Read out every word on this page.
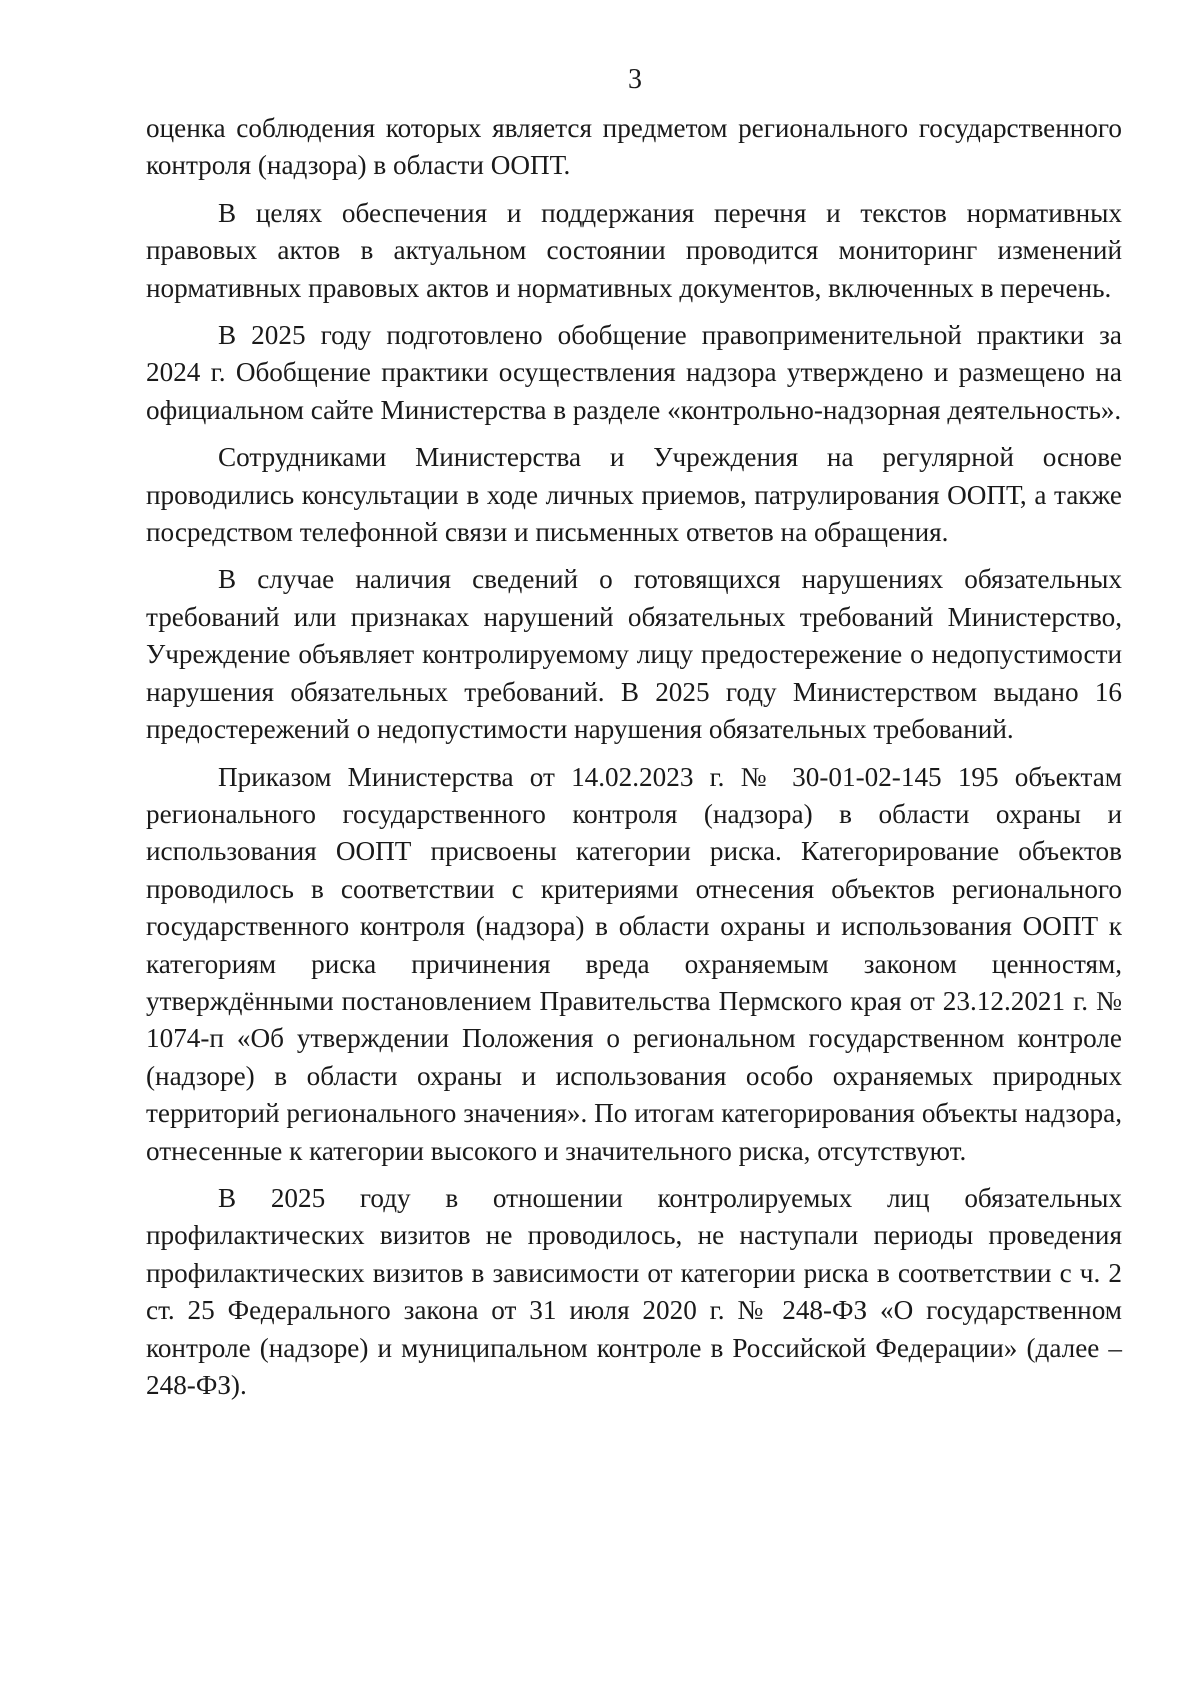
3

оценка соблюдения которых является предметом регионального государственного контроля (надзора) в области ООПТ.

В целях обеспечения и поддержания перечня и текстов нормативных правовых актов в актуальном состоянии проводится мониторинг изменений нормативных правовых актов и нормативных документов, включенных в перечень.

В 2025 году подготовлено обобщение правоприменительной практики за 2024 г. Обобщение практики осуществления надзора утверждено и размещено на официальном сайте Министерства в разделе «контрольно-надзорная деятельность».

Сотрудниками Министерства и Учреждения на регулярной основе проводились консультации в ходе личных приемов, патрулирования ООПТ, а также посредством телефонной связи и письменных ответов на обращения.

В случае наличия сведений о готовящихся нарушениях обязательных требований или признаках нарушений обязательных требований Министерство, Учреждение объявляет контролируемому лицу предостережение о недопустимости нарушения обязательных требований. В 2025 году Министерством выдано 16 предостережений о недопустимости нарушения обязательных требований.

Приказом Министерства от 14.02.2023 г. № 30-01-02-145 195 объектам регионального государственного контроля (надзора) в области охраны и использования ООПТ присвоены категории риска. Категорирование объектов проводилось в соответствии с критериями отнесения объектов регионального государственного контроля (надзора) в области охраны и использования ООПТ к категориям риска причинения вреда охраняемым законом ценностям, утверждёнными постановлением Правительства Пермского края от 23.12.2021 г. № 1074-п «Об утверждении Положения о региональном государственном контроле (надзоре) в области охраны и использования особо охраняемых природных территорий регионального значения». По итогам категорирования объекты надзора, отнесенные к категории высокого и значительного риска, отсутствуют.

В 2025 году в отношении контролируемых лиц обязательных профилактических визитов не проводилось, не наступали периоды проведения профилактических визитов в зависимости от категории риска в соответствии с ч. 2 ст. 25 Федерального закона от 31 июля 2020 г. № 248-ФЗ «О государственном контроле (надзоре) и муниципальном контроле в Российской Федерации» (далее – 248-ФЗ).
